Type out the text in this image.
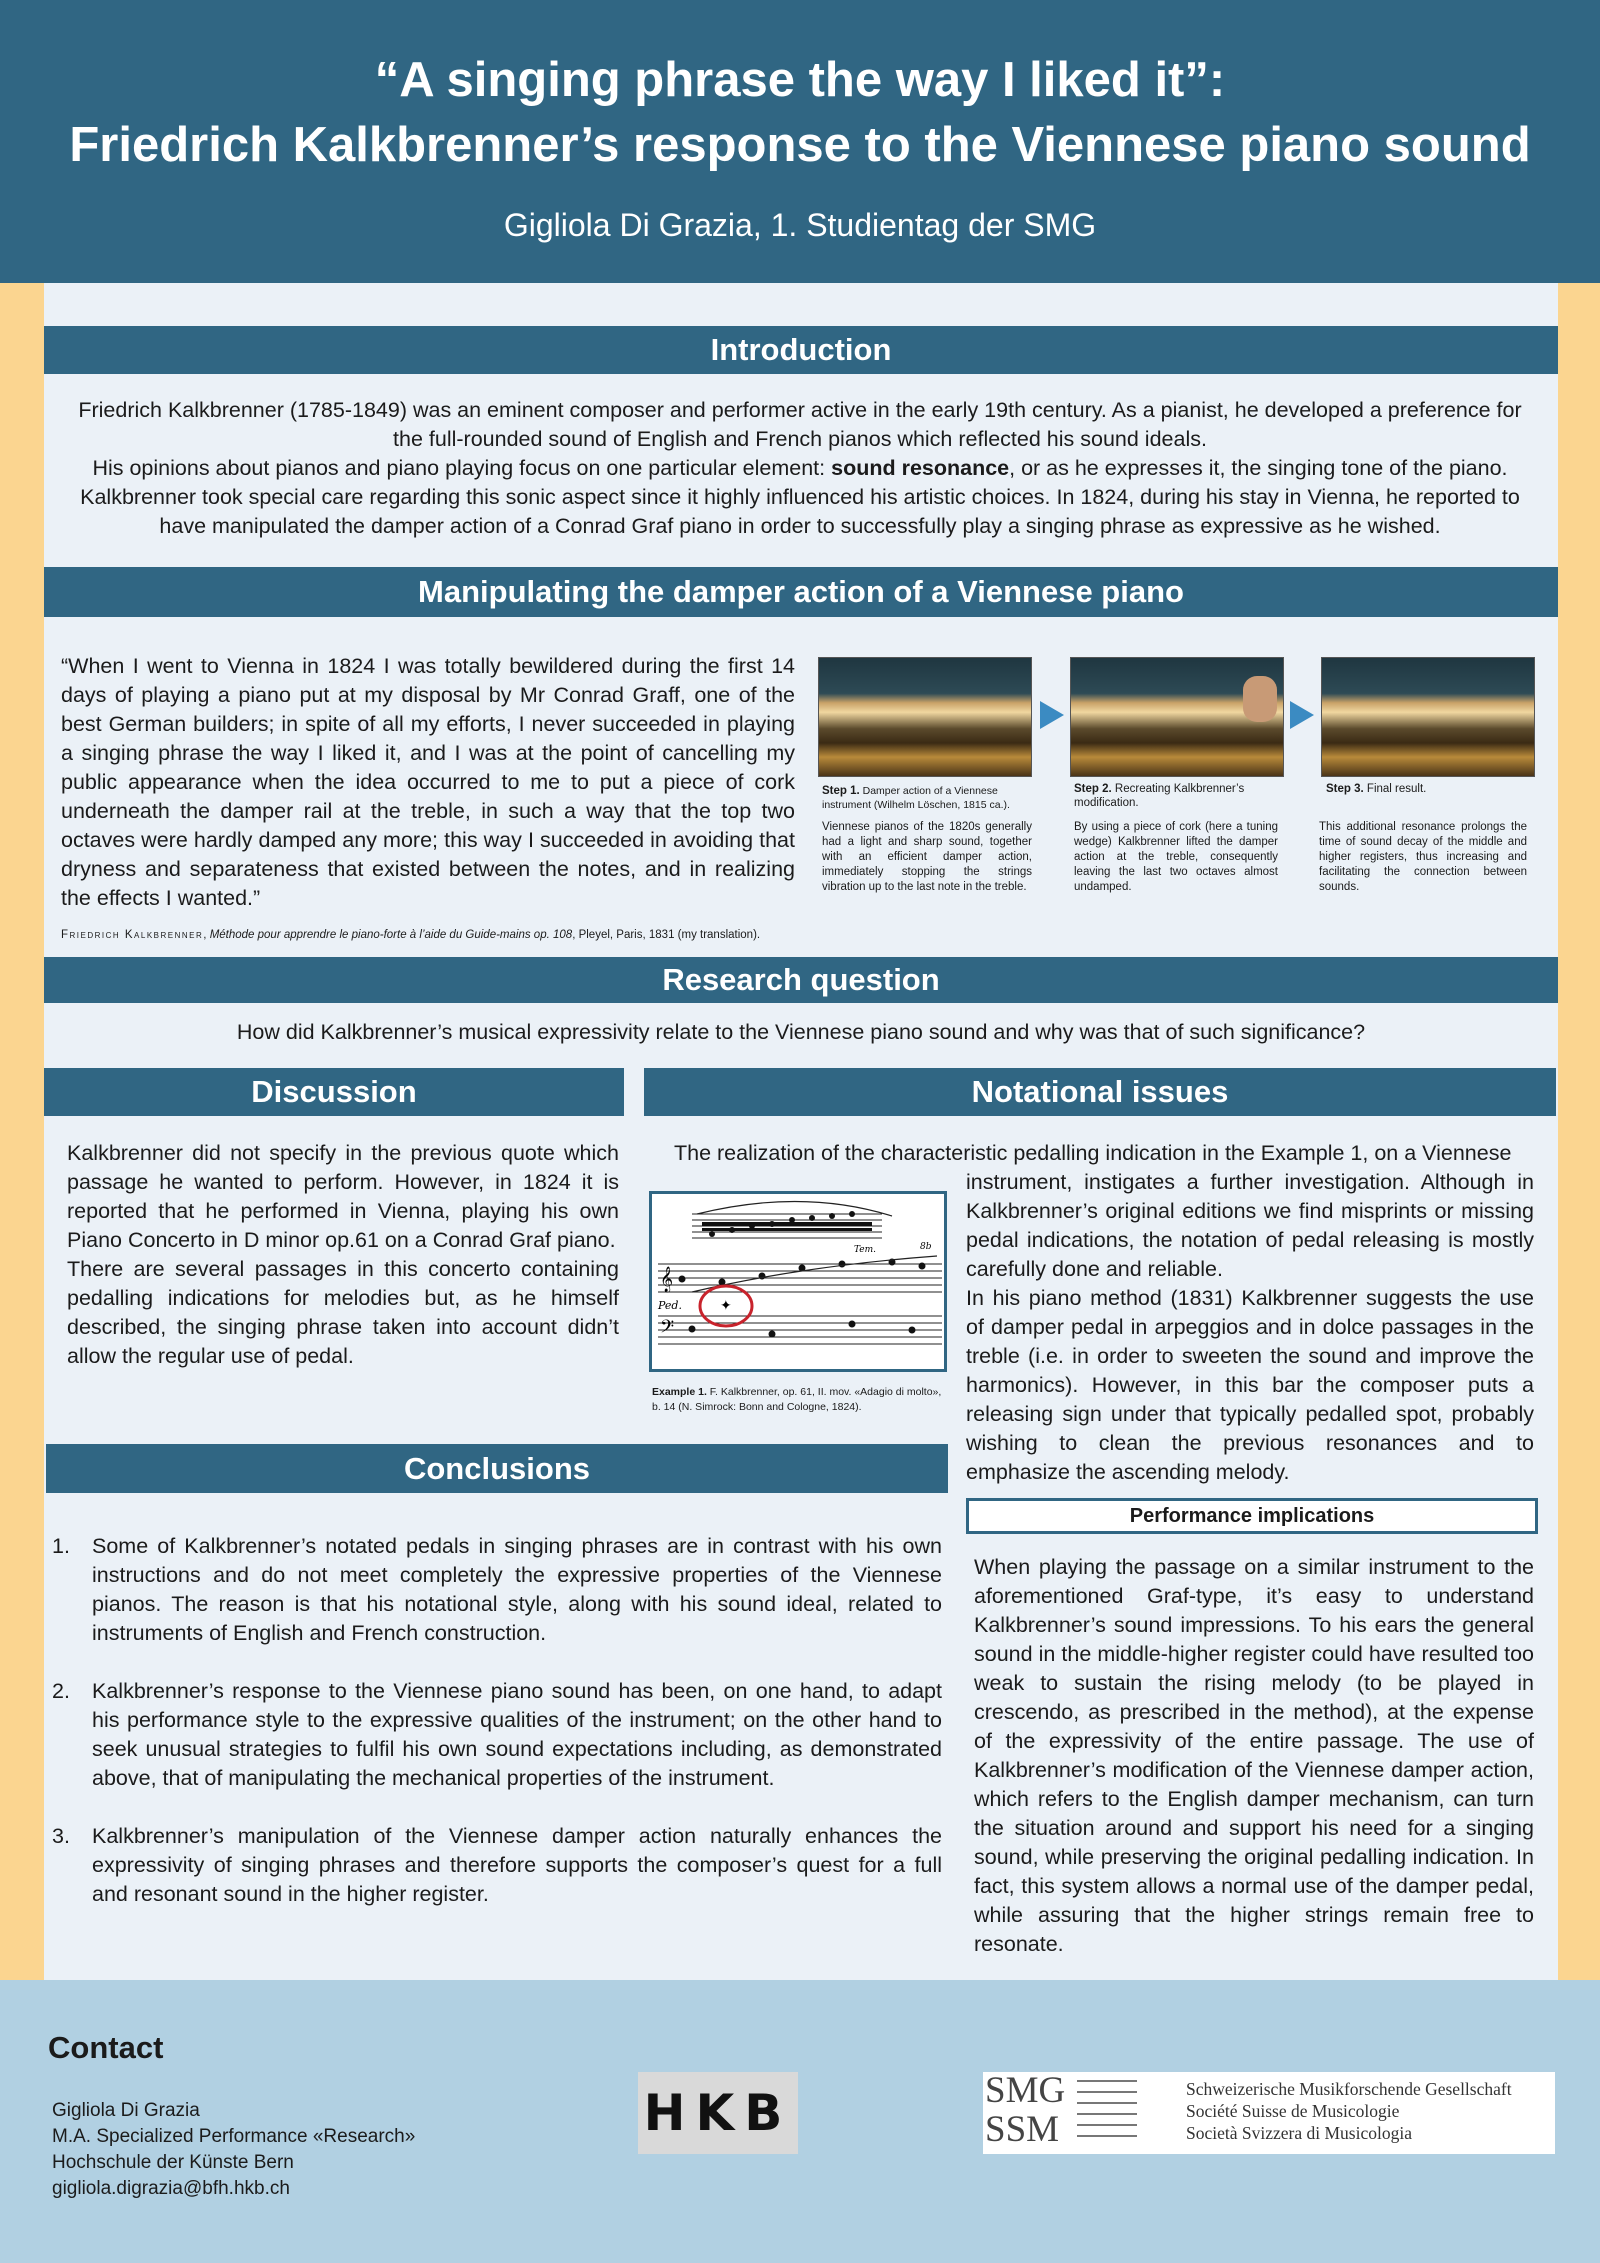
“A singing phrase the way I liked it”:
Friedrich Kalkbrenner’s response to the Viennese piano sound
Gigliola Di Grazia, 1. Studientag der SMG
Introduction
Friedrich Kalkbrenner (1785-1849) was an eminent composer and performer active in the early 19th century. As a pianist, he developed a preference for the full-rounded sound of English and French pianos which reflected his sound ideals.
His opinions about pianos and piano playing focus on one particular element: sound resonance, or as he expresses it, the singing tone of the piano. Kalkbrenner took special care regarding this sonic aspect since it highly influenced his artistic choices. In 1824, during his stay in Vienna, he reported to have manipulated the damper action of a Conrad Graf piano in order to successfully play a singing phrase as expressive as he wished.
Manipulating the damper action of a Viennese piano
“When I went to Vienna in 1824 I was totally bewildered during the first 14 days of playing a piano put at my disposal by Mr Conrad Graff, one of the best German builders; in spite of all my efforts, I never succeeded in playing a singing phrase the way I liked it, and I was at the point of cancelling my public appearance when the idea occurred to me to put a piece of cork underneath the damper rail at the treble, in such a way that the top two octaves were hardly damped any more; this way I succeeded in avoiding that dryness and separateness that existed between the notes, and in realizing the effects I wanted.”
Friedrich Kalkbrenner, Méthode pour apprendre le piano-forte à l’aide du Guide-mains op. 108, Pleyel, Paris, 1831 (my translation).
Step 1. Damper action of a Viennese instrument (Wilhelm Löschen, 1815 ca.).
Viennese pianos of the 1820s generally had a light and sharp sound, together with an efficient damper action, immediately stopping the strings vibration up to the last note in the treble.
Step 2. Recreating Kalkbrenner’s modification.
By using a piece of cork (here a tuning wedge) Kalkbrenner lifted the damper action at the treble, consequently leaving the last two octaves almost undamped.
Step 3. Final result.
This additional resonance prolongs the time of sound decay of the middle and higher registers, thus increasing and facilitating the connection between sounds.
Research question
How did Kalkbrenner’s musical expressivity relate to the Viennese piano sound and why was that of such significance?
Discussion
Kalkbrenner did not specify in the previous quote which passage he wanted to perform. However, in 1824 it is reported that he performed in Vienna, playing his own Piano Concerto in D minor op.61 on a Conrad Graf piano.
There are several passages in this concerto containing pedalling indications for melodies but, as he himself described, the singing phrase taken into account didn’t allow the regular use of pedal.
Notational issues
The realization of the characteristic pedalling indication in the Example 1, on a Viennese
instrument, instigates a further investigation. Although in Kalkbrenner’s original editions we find misprints or missing pedal indications, the notation of pedal releasing is mostly carefully done and reliable.
In his piano method (1831) Kalkbrenner suggests the use of damper pedal in arpeggios and in dolce passages in the treble (i.e. in order to sweeten the sound and improve the harmonics). However, in this bar the composer puts a releasing sign under that typically pedalled spot, probably wishing to clean the previous resonances and to emphasize the ascending melody.
𝄞
𝄢
Ped.
Tem.	8b
✦
Example 1. F. Kalkbrenner, op. 61, II. mov. «Adagio di molto», b. 14 (N. Simrock: Bonn and Cologne, 1824).
Conclusions
1. Some of Kalkbrenner’s notated pedals in singing phrases are in contrast with his own instructions and do not meet completely the expressive properties of the Viennese pianos. The reason is that his notational style, along with his sound ideal, related to instruments of English and French construction.
2. Kalkbrenner’s response to the Viennese piano sound has been, on one hand, to adapt his performance style to the expressive qualities of the instrument; on the other hand to seek unusual strategies to fulfil his own sound expectations including, as demonstrated above, that of manipulating the mechanical properties of the instrument.
3. Kalkbrenner’s manipulation of the Viennese damper action naturally enhances the expressivity of singing phrases and therefore supports the composer’s quest for a full and resonant sound in the higher register.
Performance implications
When playing the passage on a similar instrument to the aforementioned Graf-type, it’s easy to understand Kalkbrenner’s sound impressions. To his ears the general sound in the middle-higher register could have resulted too weak to sustain the rising melody (to be played in crescendo, as prescribed in the method), at the expense of the expressivity of the entire passage. The use of Kalkbrenner’s modification of the Viennese damper action, which refers to the English damper mechanism, can turn the situation around and support his need for a singing sound, while preserving the original pedalling indication. In fact, this system allows a normal use of the damper pedal, while assuring that the higher strings remain free to resonate.
Contact
Gigliola Di Grazia
M.A. Specialized Performance «Research»
Hochschule der Künste Bern
gigliola.digrazia@bfh.hkb.ch
HKB	SMG
SSM
Schweizerische Musikforschende Gesellschaft
Société Suisse de Musicologie
Società Svizzera di Musicologia
